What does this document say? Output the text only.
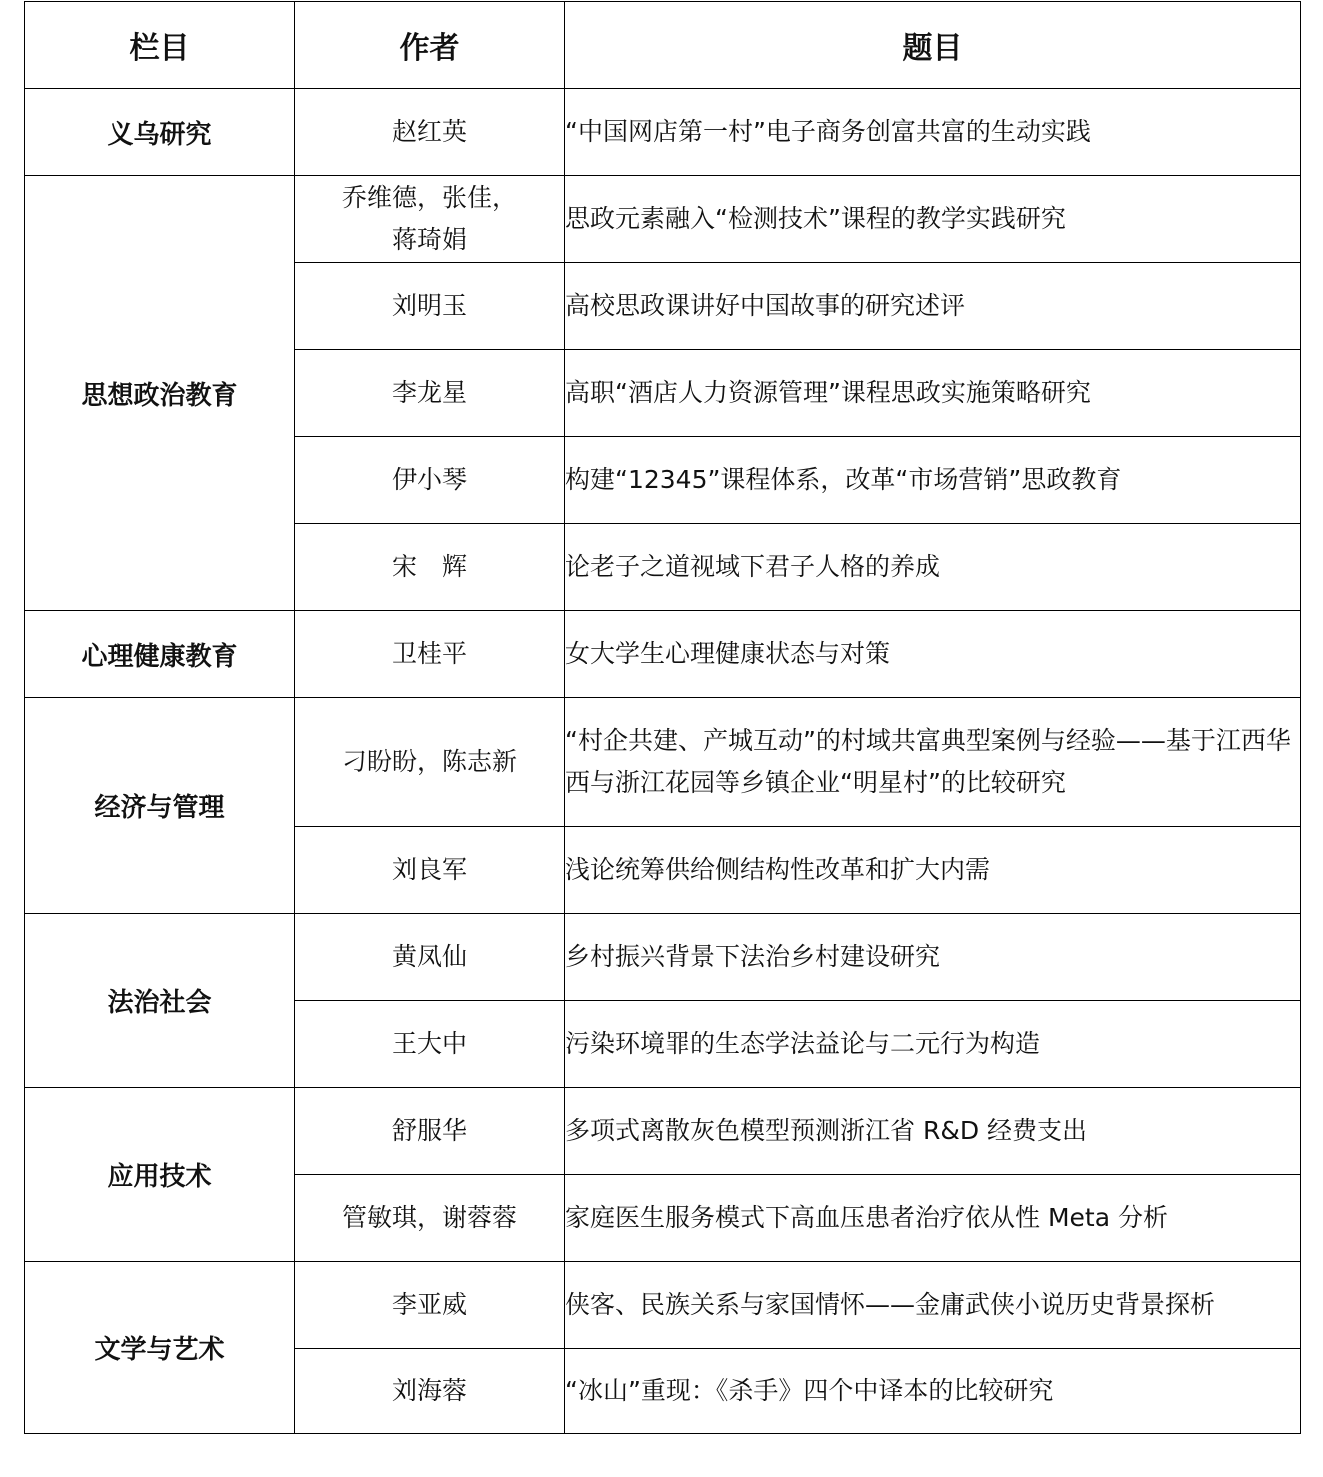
栏目	作者	题目
义乌研究	赵红英	“中国网店第一村”电子商务创富共富的生动实践
思想政治教育	乔维德，张佳，蒋琦娟	思政元素融入“检测技术”课程的教学实践研究
	刘明玉	高校思政课讲好中国故事的研究述评
	李龙星	高职“酒店人力资源管理”课程思政实施策略研究
	伊小琴	构建“12345”课程体系，改革“市场营销”思政教育
	宋　辉	论老子之道视域下君子人格的养成
心理健康教育	卫桂平	女大学生心理健康状态与对策
经济与管理	刁盼盼，陈志新	“村企共建、产城互动”的村域共富典型案例与经验——基于江西华西与浙江花园等乡镇企业“明星村”的比较研究
	刘良军	浅论统筹供给侧结构性改革和扩大内需
法治社会	黄凤仙	乡村振兴背景下法治乡村建设研究
	王大中	污染环境罪的生态学法益论与二元行为构造
应用技术	舒服华	多项式离散灰色模型预测浙江省 R&D 经费支出
	管敏琪，谢蓉蓉	家庭医生服务模式下高血压患者治疗依从性 Meta 分析
文学与艺术	李亚威	侠客、民族关系与家国情怀——金庸武侠小说历史背景探析
	刘海蓉	“冰山”重现：《杀手》四个中译本的比较研究
